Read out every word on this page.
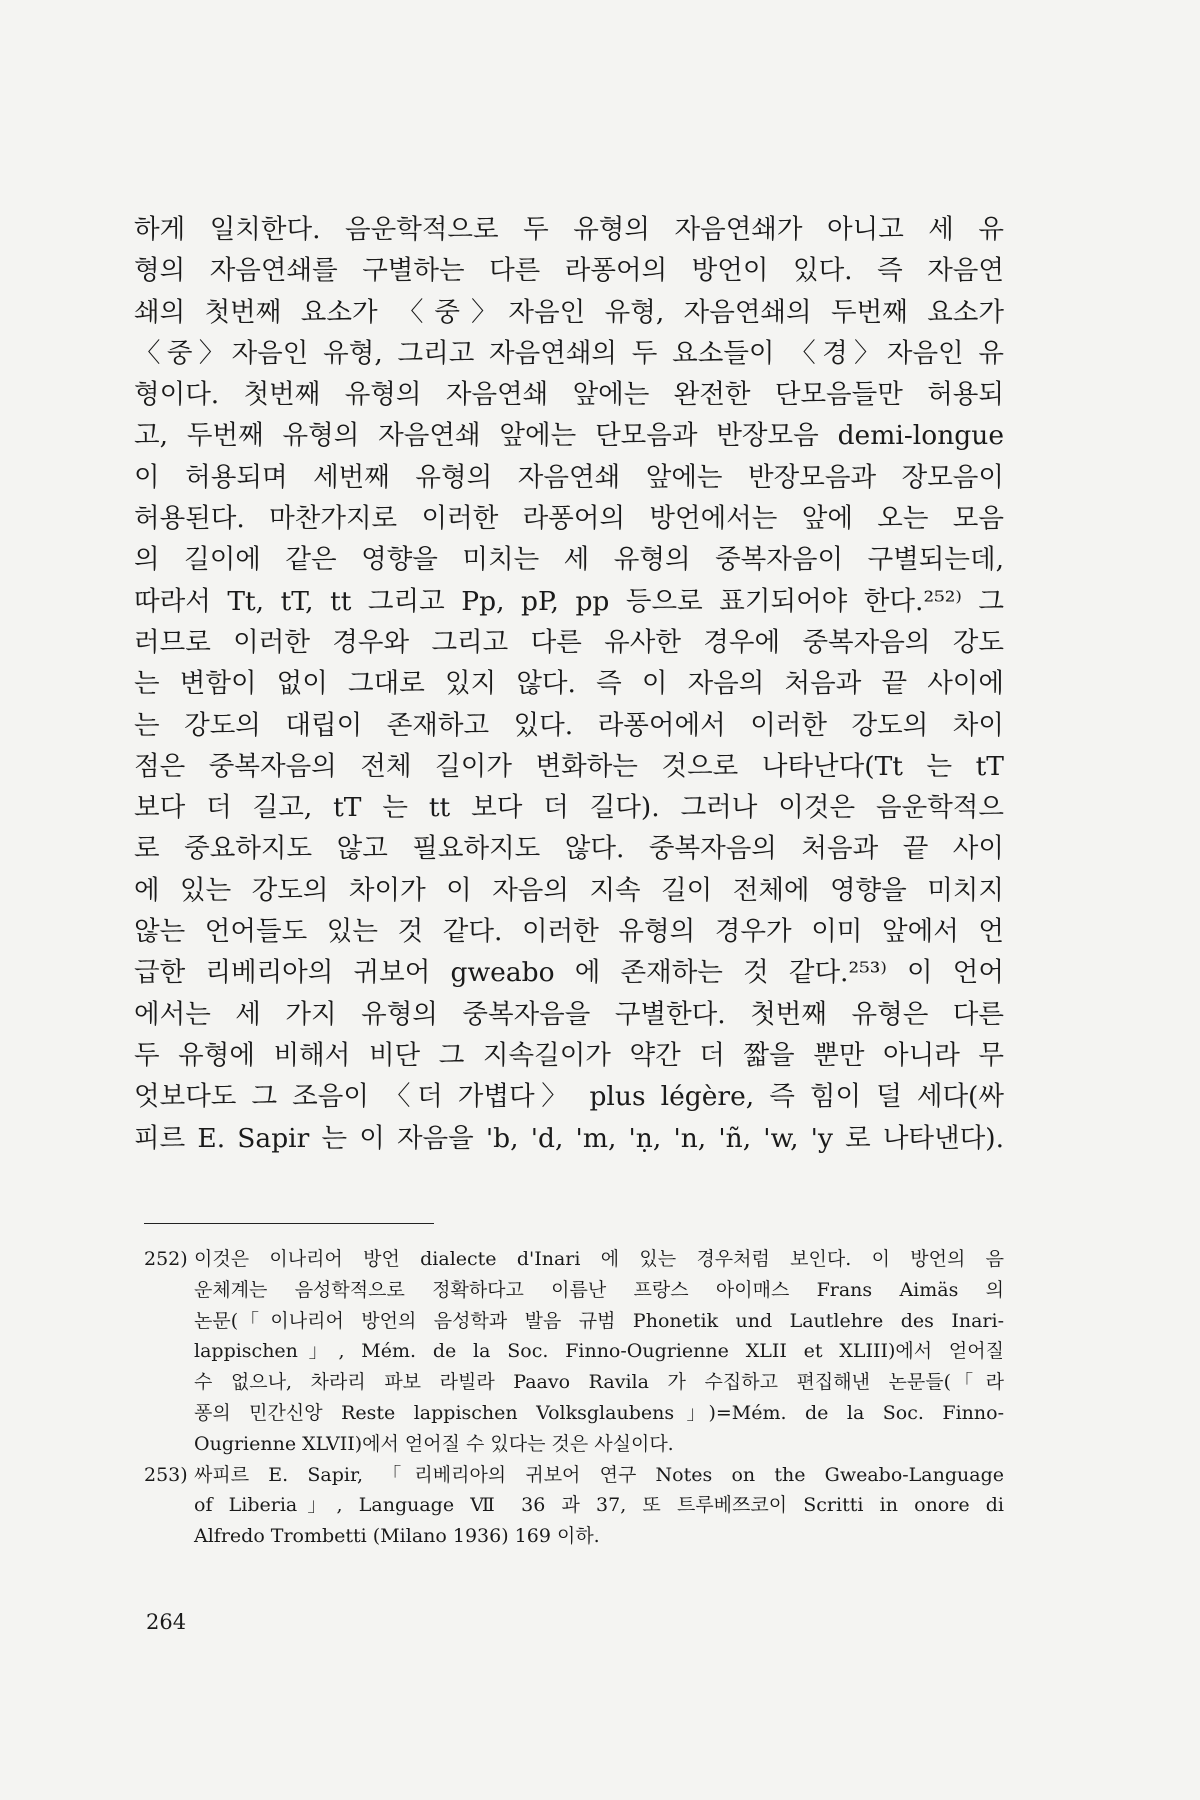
하게 일치한다. 음운학적으로 두 유형의 자음연쇄가 아니고 세 유
형의 자음연쇄를 구별하는 다른 라퐁어의 방언이 있다. 즉 자음연
쇄의 첫번째 요소가 〈중〉자음인 유형, 자음연쇄의 두번째 요소가
〈중〉자음인 유형, 그리고 자음연쇄의 두 요소들이 〈경〉자음인 유
형이다. 첫번째 유형의 자음연쇄 앞에는 완전한 단모음들만 허용되
고, 두번째 유형의 자음연쇄 앞에는 단모음과 반장모음 demi-longue
이 허용되며 세번째 유형의 자음연쇄 앞에는 반장모음과 장모음이
허용된다. 마찬가지로 이러한 라퐁어의 방언에서는 앞에 오는 모음
의 길이에 같은 영향을 미치는 세 유형의 중복자음이 구별되는데,
따라서 Tt, tT, tt 그리고 Pp, pP, pp 등으로 표기되어야 한다.²⁵²⁾ 그
러므로 이러한 경우와 그리고 다른 유사한 경우에 중복자음의 강도
는 변함이 없이 그대로 있지 않다. 즉 이 자음의 처음과 끝 사이에
는 강도의 대립이 존재하고 있다. 라퐁어에서 이러한 강도의 차이
점은 중복자음의 전체 길이가 변화하는 것으로 나타난다(Tt 는 tT
보다 더 길고, tT 는 tt 보다 더 길다). 그러나 이것은 음운학적으
로 중요하지도 않고 필요하지도 않다. 중복자음의 처음과 끝 사이
에 있는 강도의 차이가 이 자음의 지속 길이 전체에 영향을 미치지
않는 언어들도 있는 것 같다. 이러한 유형의 경우가 이미 앞에서 언
급한 리베리아의 귀보어 gweabo 에 존재하는 것 같다.²⁵³⁾ 이 언어
에서는 세 가지 유형의 중복자음을 구별한다. 첫번째 유형은 다른
두 유형에 비해서 비단 그 지속길이가 약간 더 짧을 뿐만 아니라 무
엇보다도 그 조음이 〈더 가볍다〉 plus légère, 즉 힘이 덜 세다(싸
피르 E. Sapir 는 이 자음을 'b, 'd, 'm, 'ṇ, 'n, 'ñ, 'w, 'y 로 나타낸다).
252) 이것은 이나리어 방언 dialecte d'Inari 에 있는 경우처럼 보인다. 이 방언의 음
운체계는 음성학적으로 정확하다고 이름난 프랑스 아이매스 Frans Aimäs 의
논문(「이나리어 방언의 음성학과 발음 규범 Phonetik und Lautlehre des Inari-
lappischen」, Mém. de la Soc. Finno-Ougrienne XLII et XLIII)에서 얻어질
수 없으나, 차라리 파보 라빌라 Paavo Ravila 가 수집하고 편집해낸 논문들(「라
퐁의 민간신앙 Reste lappischen Volksglaubens」)=Mém. de la Soc. Finno-
Ougrienne XLVII)에서 얻어질 수 있다는 것은 사실이다.
253) 싸피르 E. Sapir, 「리베리아의 귀보어 연구 Notes on the Gweabo-Language
of Liberia」, Language Ⅶ 36 과 37, 또 트루베쯔코이 Scritti in onore di
Alfredo Trombetti (Milano 1936) 169 이하.
264
